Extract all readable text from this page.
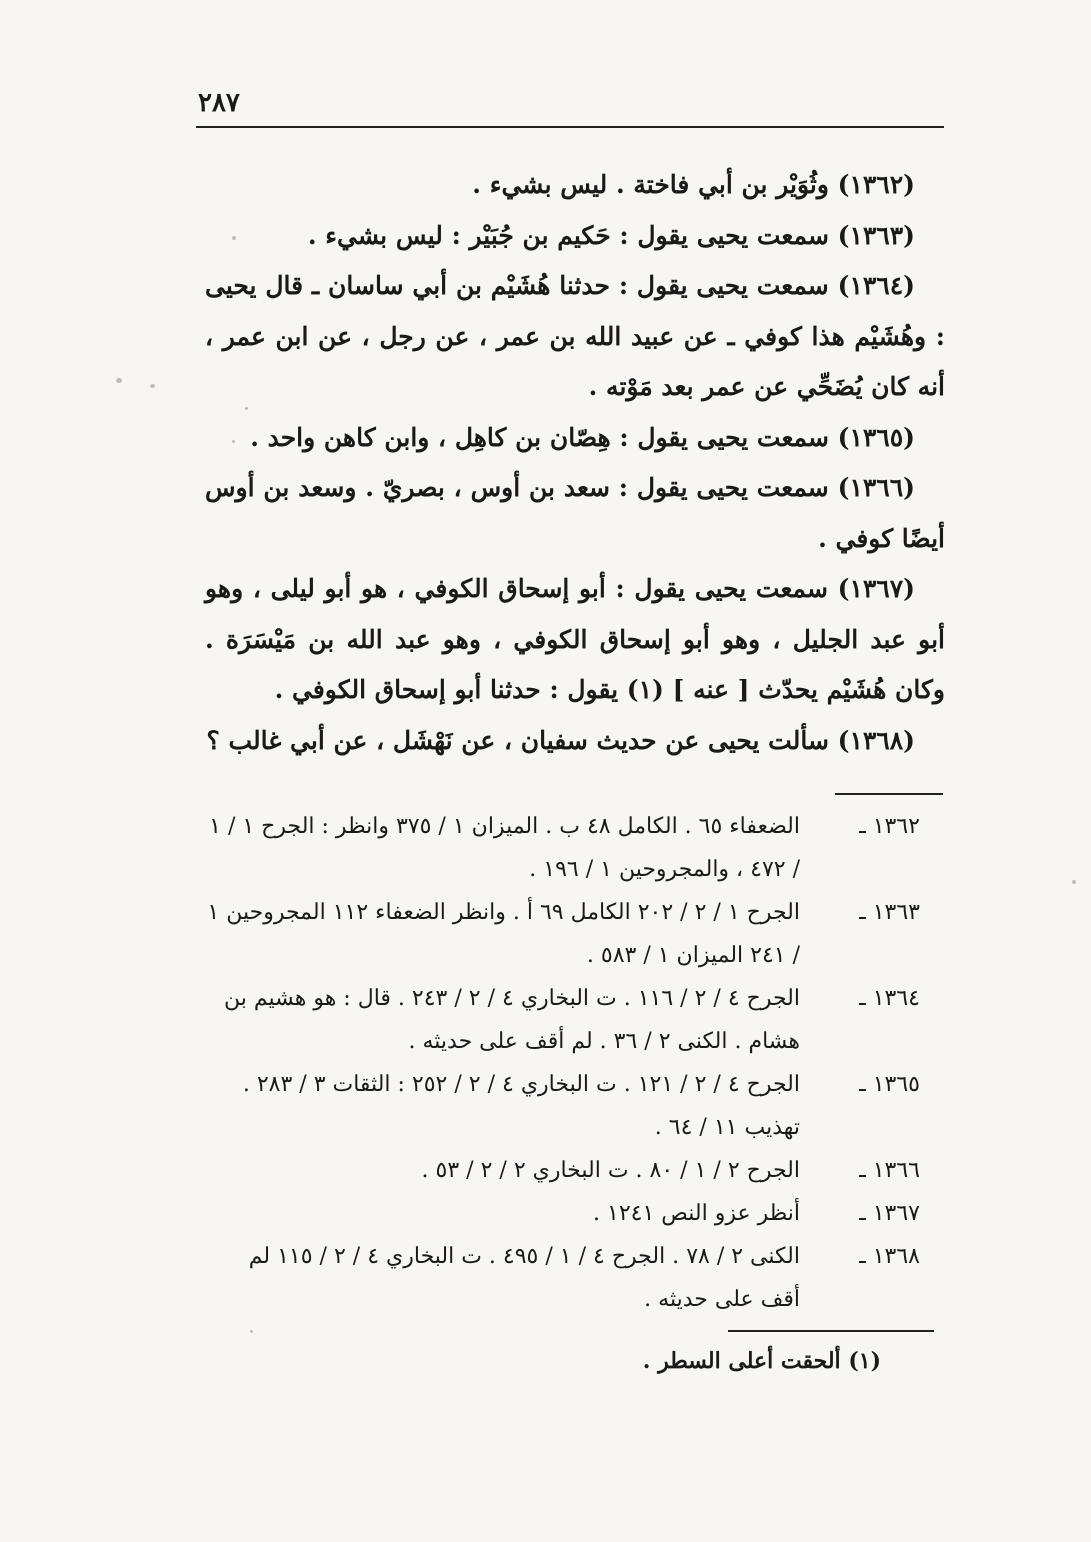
٢٨٧

(١٣٦٢) وثُوَيْر بن أبي فاختة . ليس بشيء .

(١٣٦٣) سمعت يحيى يقول : حَكيم بن جُبَيْر : ليس بشيء .

(١٣٦٤) سمعت يحيى يقول : حدثنا هُشَيْم بن أبي ساسان ـ قال يحيى : وهُشَيْم هذا كوفي ـ عن عبيد الله بن عمر ، عن رجل ، عن ابن عمر ، أنه كان يُضَحِّي عن عمر بعد مَوْته .

(١٣٦٥) سمعت يحيى يقول : هِصّان بن كاهِل ، وابن كاهن واحد .

(١٣٦٦) سمعت يحيى يقول : سعد بن أوس ، بصريّ . وسعد بن أوس أيضًا كوفي .

(١٣٦٧) سمعت يحيى يقول : أبو إسحاق الكوفي ، هو أبو ليلى ، وهو أبو عبد الجليل ، وهو أبو إسحاق الكوفي ، وهو عبد الله بن مَيْسَرَة . وكان هُشَيْم يحدّث [ عنه ] (١) يقول : حدثنا أبو إسحاق الكوفي .

(١٣٦٨) سألت يحيى عن حديث سفيان ، عن نَهْشَل ، عن أبي غالب ؟

١٣٦٢ ـالضعفاء ٦٥ . الكامل ٤٨ ب . الميزان ١ / ٣٧٥ وانظر : الجرح ١ / ١ / ٤٧٢ ، والمجروحين ١ / ١٩٦ .

١٣٦٣ ـالجرح ١ / ٢ / ٢٠٢ الكامل ٦٩ أ . وانظر الضعفاء ١١٢ المجروحين ١ / ٢٤١ الميزان ١ / ٥٨٣ .

١٣٦٤ ـالجرح ٤ / ٢ / ١١٦ . ت البخاري ٤ / ٢ / ٢٤٣ . قال : هو هشيم بن هشام . الكنى ٢ / ٣٦ . لم أقف على حديثه .

١٣٦٥ ـالجرح ٤ / ٢ / ١٢١ . ت البخاري ٤ / ٢ / ٢٥٢ : الثقات ٣ / ٢٨٣ . تهذيب ١١ / ٦٤ .

١٣٦٦ ـالجرح ٢ / ١ / ٨٠ . ت البخاري ٢ / ٢ / ٥٣ .

١٣٦٧ ـأنظر عزو النص ١٢٤١ .

١٣٦٨ ـالكنى ٢ / ٧٨ . الجرح ٤ / ١ / ٤٩٥ . ت البخاري ٤ / ٢ / ١١٥ لم أقف على حديثه .

(١) ألحقت أعلى السطر .
